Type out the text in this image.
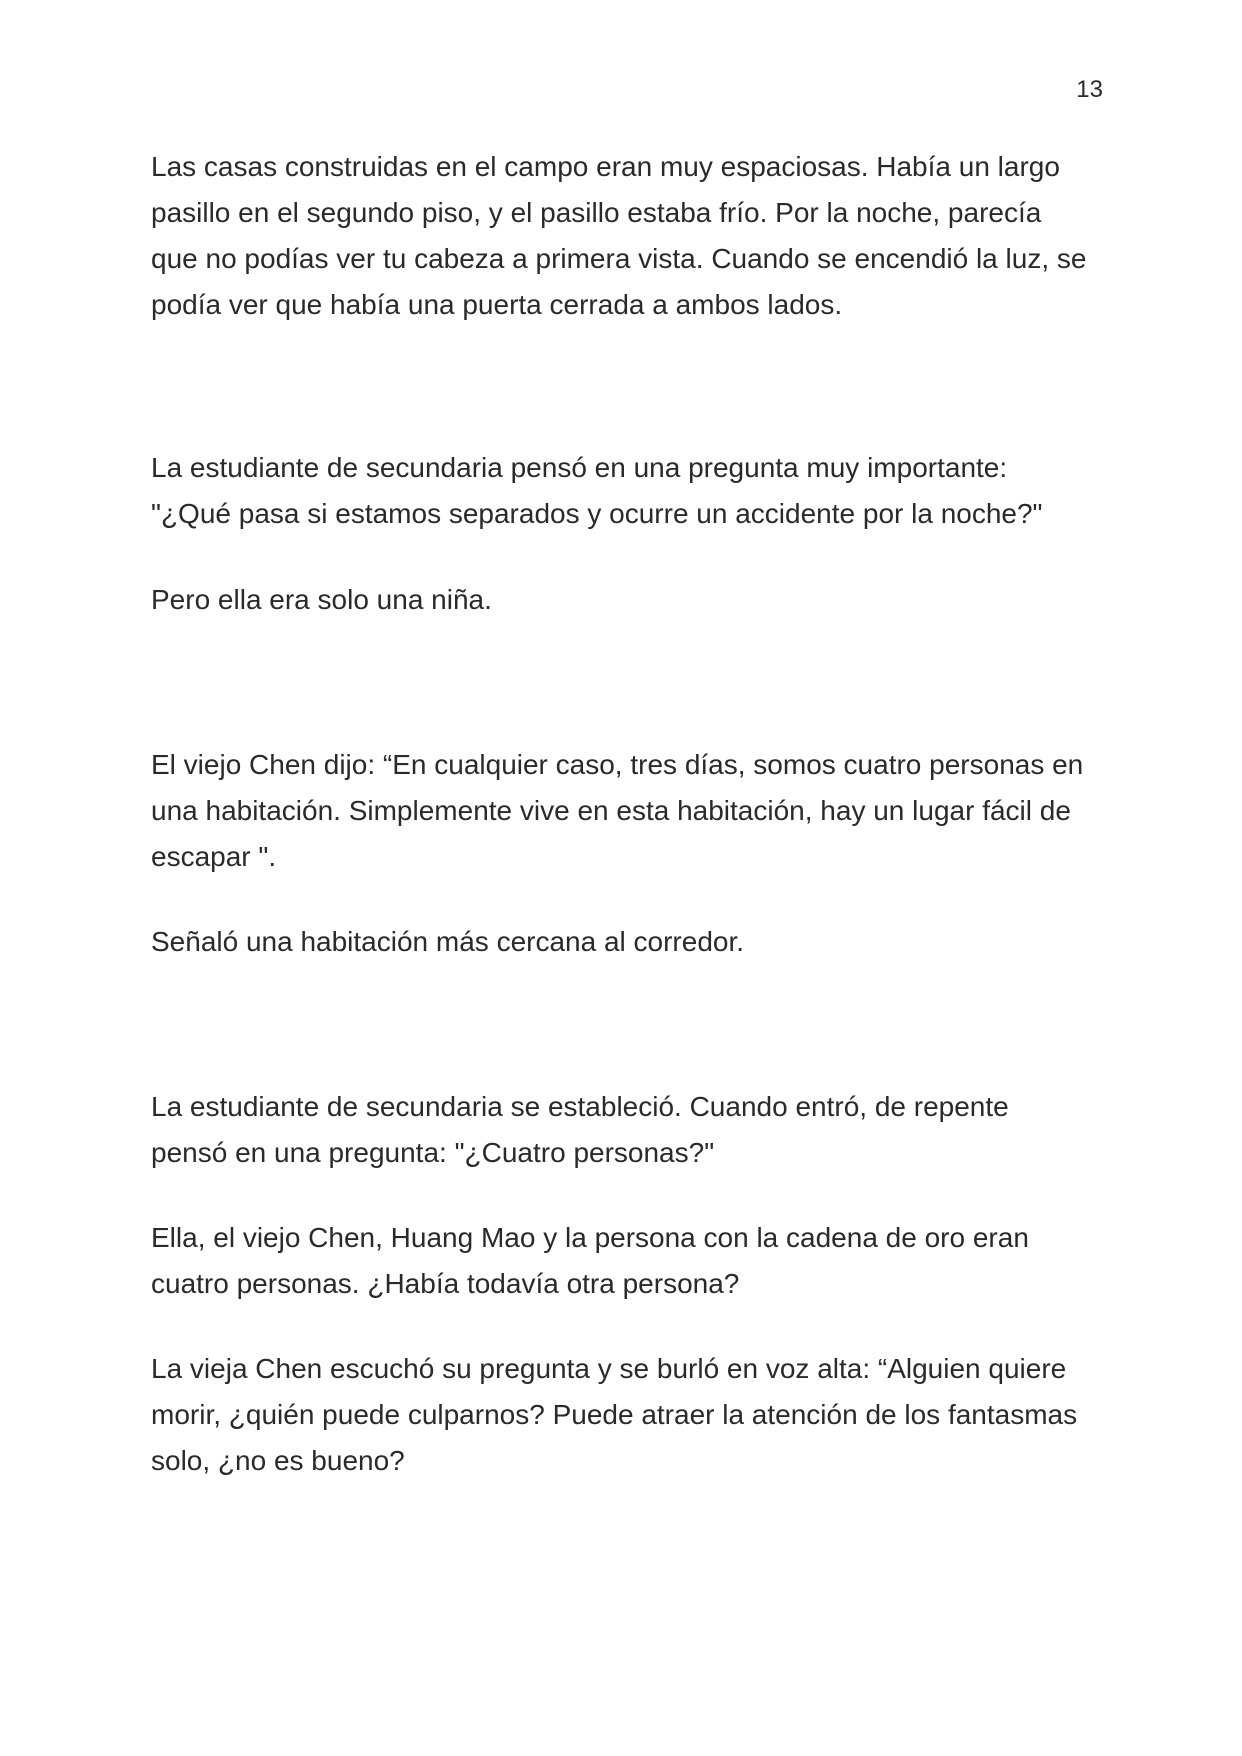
13

Las casas construidas en el campo eran muy espaciosas. Había un largo
pasillo en el segundo piso, y el pasillo estaba frío. Por la noche, parecía
que no podías ver tu cabeza a primera vista. Cuando se encendió la luz, se
podía ver que había una puerta cerrada a ambos lados.

La estudiante de secundaria pensó en una pregunta muy importante:
"¿Qué pasa si estamos separados y ocurre un accidente por la noche?"

Pero ella era solo una niña.

El viejo Chen dijo: “En cualquier caso, tres días, somos cuatro personas en
una habitación. Simplemente vive en esta habitación, hay un lugar fácil de
escapar ".

Señaló una habitación más cercana al corredor.

La estudiante de secundaria se estableció. Cuando entró, de repente
pensó en una pregunta: "¿Cuatro personas?"

Ella, el viejo Chen, Huang Mao y la persona con la cadena de oro eran
cuatro personas. ¿Había todavía otra persona?

La vieja Chen escuchó su pregunta y se burló en voz alta: “Alguien quiere
morir, ¿quién puede culparnos? Puede atraer la atención de los fantasmas
solo, ¿no es bueno?
